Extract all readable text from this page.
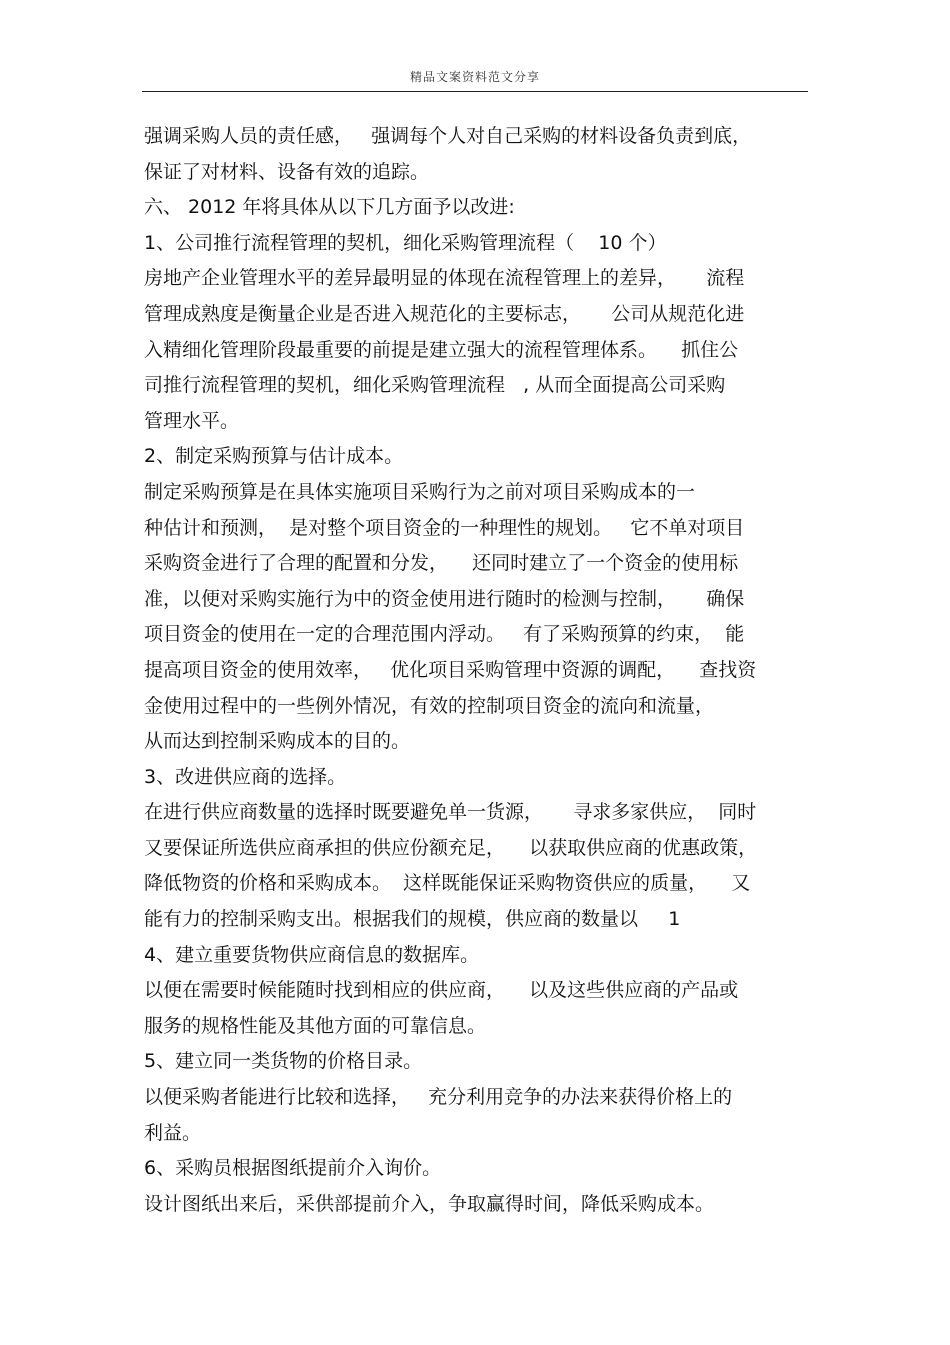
精品文案资料范文分享
强调采购人员的责任感，   强调每个人对自己采购的材料设备负责到底，
保证了对材料、设备有效的追踪。
六、 2012 年将具体从以下几方面予以改进:
1、公司推行流程管理的契机，细化采购管理流程（    10 个）
房地产企业管理水平的差异最明显的体现在流程管理上的差异，     流程
管理成熟度是衡量企业是否进入规范化的主要标志，     公司从规范化进
入精细化管理阶段最重要的前提是建立强大的流程管理体系。    抓住公
司推行流程管理的契机，细化采购管理流程   , 从而全面提高公司采购
管理水平。
2、制定采购预算与估计成本。
制定采购预算是在具体实施项目采购行为之前对项目采购成本的一
种估计和预测，  是对整个项目资金的一种理性的规划。   它不单对项目
采购资金进行了合理的配置和分发，    还同时建立了一个资金的使用标
准，以便对采购实施行为中的资金使用进行随时的检测与控制，     确保
项目资金的使用在一定的合理范围内浮动。   有了采购预算的约束，  能
提高项目资金的使用效率，   优化项目采购管理中资源的调配，    查找资
金使用过程中的一些例外情况，有效的控制项目资金的流向和流量，
从而达到控制采购成本的目的。
3、改进供应商的选择。
在进行供应商数量的选择时既要避免单一货源，     寻求多家供应，  同时
又要保证所选供应商承担的供应份额充足，    以获取供应商的优惠政策，
降低物资的价格和采购成本。  这样既能保证采购物资供应的质量，    又
能有力的控制采购支出。根据我们的规模，供应商的数量以     1
4、建立重要货物供应商信息的数据库。
以便在需要时候能随时找到相应的供应商，    以及这些供应商的产品或
服务的规格性能及其他方面的可靠信息。
5、建立同一类货物的价格目录。
以便采购者能进行比较和选择，   充分利用竞争的办法来获得价格上的
利益。
6、采购员根据图纸提前介入询价。
设计图纸出来后，采供部提前介入，争取赢得时间，降低采购成本。
